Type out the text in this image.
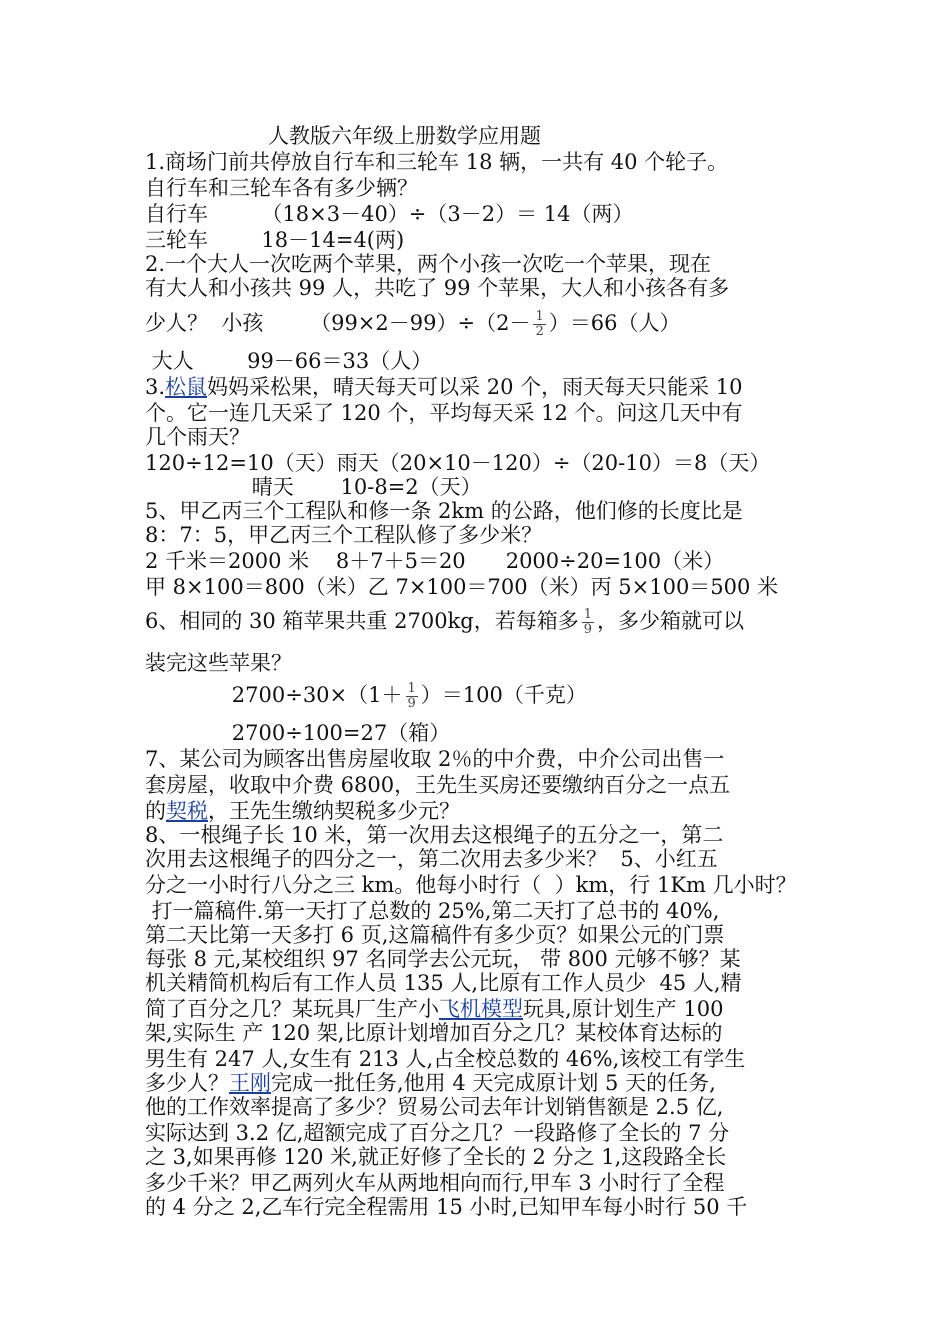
人教版六年级上册数学应用题
1.商场门前共停放自行车和三轮车 18 辆，一共有 40 个轮子。
自行车和三轮车各有多少辆？
自行车        （18×3－40）÷（3－2）＝ 14（两）
三轮车        18－14=4(两)
2.一个大人一次吃两个苹果，两个小孩一次吃一个苹果，现在
有大人和小孩共 99 人，共吃了 99 个苹果，大人和小孩各有多
少人？  小孩       $(99\times 2-99)\div(2- \frac{1}{2} )=66$（人）
大人        99－66＝33（人）
3.松鼠妈妈采松果，晴天每天可以采 20 个，雨天每天只能采 10
个。它一连几天采了 120 个，平均每天采 12 个。问这几天中有
几个雨天？
120÷12=10（天）雨天（20×10－120）÷（20-10）＝8（天）
晴天       10-8=2（天）
5、甲乙丙三个工程队和修一条 2km 的公路，他们修的长度比是
8：7：5，甲乙丙三个工程队修了多少米？
2 千米＝2000 米    8＋7＋5＝20      2000÷20=100（米）
甲 8×100＝800（米）乙 7×100＝700（米）丙 5×100＝500 米
6、相同的 30 箱苹果共重 2700kg，若每箱多 $\frac{1}{9}$ ，多少箱就可以
装完这些苹果？
$2700\div 30\times(1+ \frac{1}{9} )=100$（千克）
2700÷100=27（箱）
7、某公司为顾客出售房屋收取 2％的中介费，中介公司出售一
套房屋，收取中介费 6800，王先生买房还要缴纳百分之一点五
的契税，王先生缴纳契税多少元？
8、一根绳子长 10 米，第一次用去这根绳子的五分之一，第二
次用去这根绳子的四分之一，第二次用去多少米？  5、小红五
分之一小时行八分之三 km。他每小时行（  ）km，行 1Km 几小时？
打一篇稿件.第一天打了总数的 25%,第二天打了总书的 40%,
第二天比第一天多打 6 页,这篇稿件有多少页？如果公元的门票
每张 8 元,某校组织 97 名同学去公元玩， 带 800 元够不够？某
机关精简机构后有工作人员 135 人,比原有工作人员少  45 人,精
简了百分之几？某玩具厂生产小飞机模型玩具,原计划生产 100
架,实际生 产 120 架,比原计划增加百分之几？某校体育达标的
男生有 247 人,女生有 213 人,占全校总数的 46%,该校工有学生
多少人？王刚完成一批任务,他用 4 天完成原计划 5 天的任务,
他的工作效率提高了多少？贸易公司去年计划销售额是 2.5 亿,
实际达到 3.2 亿,超额完成了百分之几？一段路修了全长的 7 分
之 3,如果再修 120 米,就正好修了全长的 2 分之 1,这段路全长
多少千米？甲乙两列火车从两地相向而行,甲车 3 小时行了全程
的 4 分之 2,乙车行完全程需用 15 小时,已知甲车每小时行 50 千
